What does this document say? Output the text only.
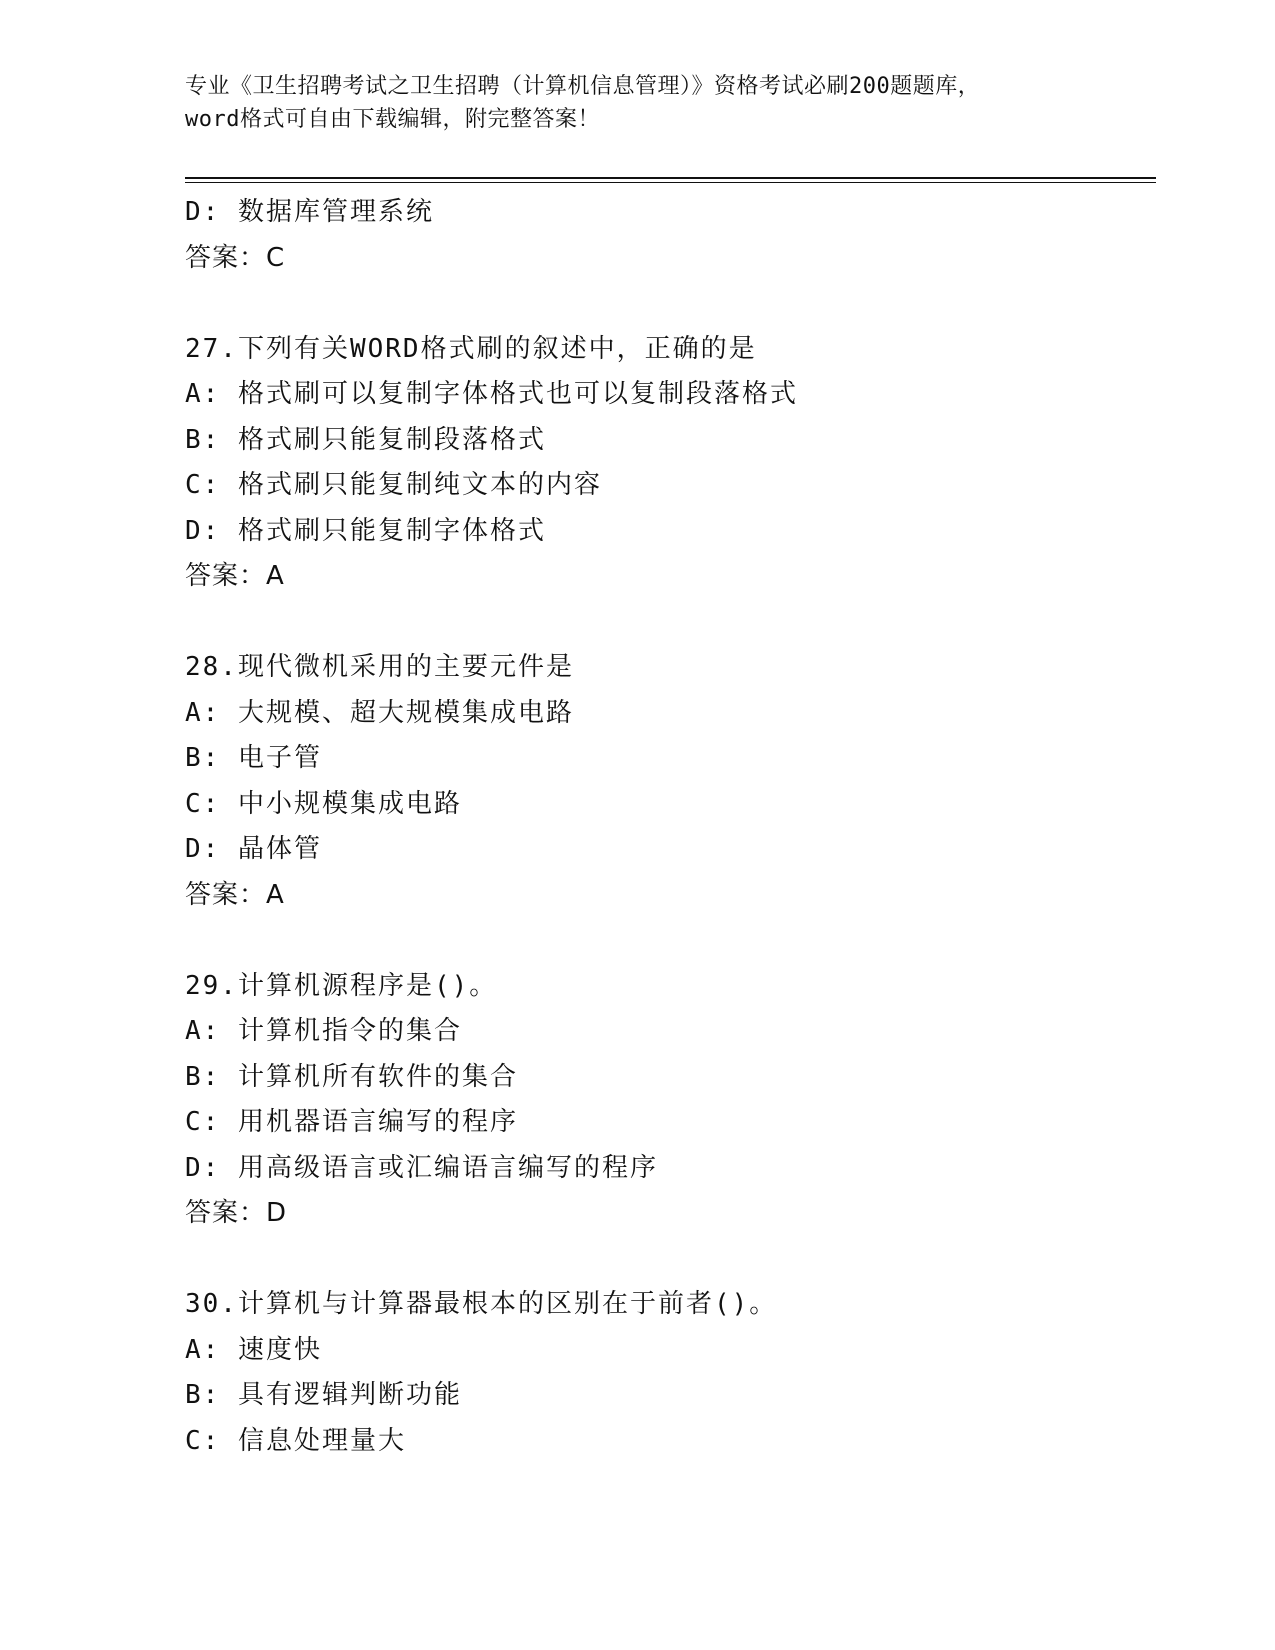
专业《卫生招聘考试之卫生招聘（计算机信息管理）》资格考试必刷200题题库，
word格式可自由下载编辑，附完整答案！
D: 数据库管理系统
答案：C
27.下列有关WORD格式刷的叙述中，正确的是
A: 格式刷可以复制字体格式也可以复制段落格式
B: 格式刷只能复制段落格式
C: 格式刷只能复制纯文本的内容
D: 格式刷只能复制字体格式
答案：A
28.现代微机采用的主要元件是
A: 大规模、超大规模集成电路
B: 电子管
C: 中小规模集成电路
D: 晶体管
答案：A
29.计算机源程序是()。
A: 计算机指令的集合
B: 计算机所有软件的集合
C: 用机器语言编写的程序
D: 用高级语言或汇编语言编写的程序
答案：D
30.计算机与计算器最根本的区别在于前者()。
A: 速度快
B: 具有逻辑判断功能
C: 信息处理量大
